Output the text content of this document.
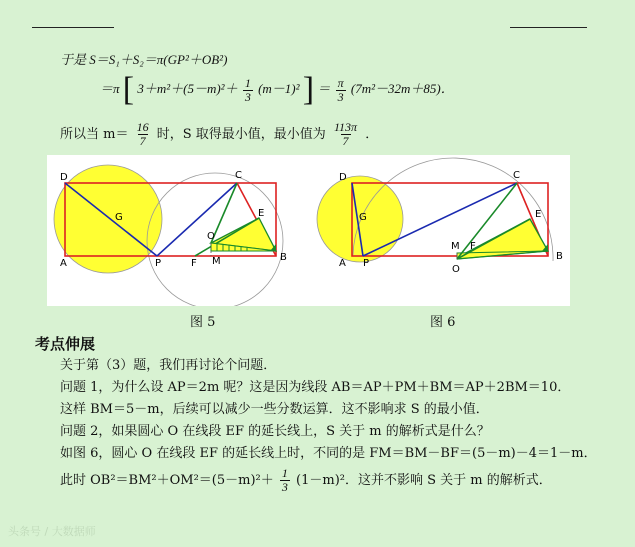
于是 S＝S₁＋S₂＝π(GP²＋OB²)
＝π [ $3+m^2+(5-m)^2+ \frac{1}{3} (m-1)^2$ ] ＝ $\frac{\pi}{3} (7m^2-32m+85)$．
所以当 $m= \frac{16}{7}$ 时，S 取得最小值，最小值为 $\frac{113\pi}{7}$ ．
D	C
G	E
O
A	P	F M	B
D	C
G	E
M F
A P
O
B
图 5	图 6
考点伸展
关于第（3）题，我们再讨论个问题．
问题 1，为什么设 AP＝2m 呢？这是因为线段 AB＝AP＋PM＋BM＝AP＋2BM＝10．
这样 BM＝5－m，后续可以减少一些分数运算．这不影响求 S 的最小值．
问题 2，如果圆心 O 在线段 EF 的延长线上，S 关于 m 的解析式是什么？
如图 6，圆心 O 在线段 EF 的延长线上时，不同的是 FM＝BM－BF＝(5－m)－4＝1－m．
此时 $OB^2=BM^2+OM^2=(5-m)^2+ \frac{1}{3} (1-m)^2$．这并不影响 S 关于 m 的解析式．
头条号 / 大数据师
